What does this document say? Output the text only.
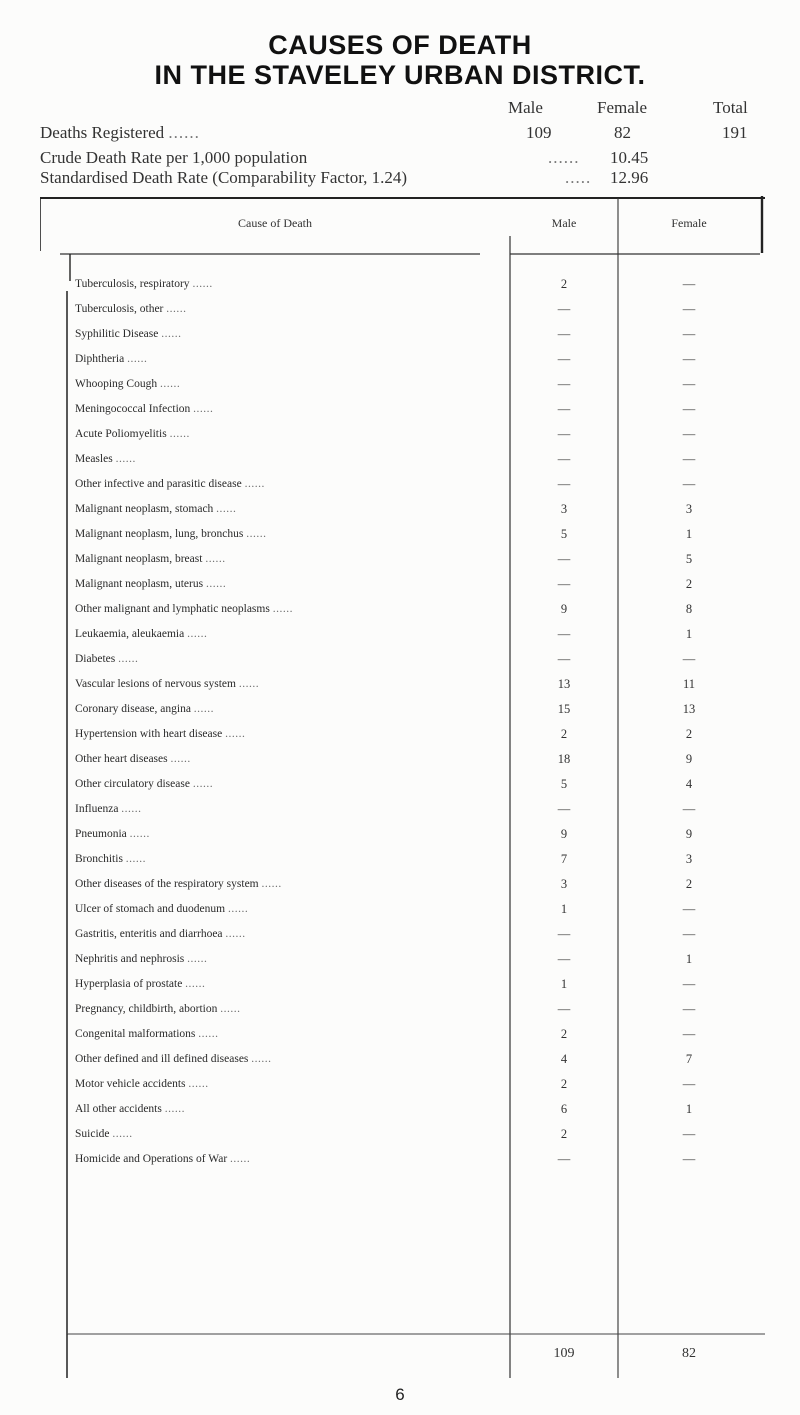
CAUSES OF DEATH
IN THE STAVELEY URBAN DISTRICT.
Male	Female	Total
Deaths Registered ......	109	82	191
Crude Death Rate per 1,000 population	...... 10.45
Standardised Death Rate (Comparability Factor, 1.24)	..... 12.96
Cause of Death	Male	Female
Tuberculosis, respiratory ......	2	—
Tuberculosis, other ......	—	—
Syphilitic Disease ......	—	—
Diphtheria ......	—	—
Whooping Cough ......	—	—
Meningococcal Infection ......	—	—
Acute Poliomyelitis ......	—	—
Measles ......	—	—
Other infective and parasitic disease ......	—	—
Malignant neoplasm, stomach ......	3	3
Malignant neoplasm, lung, bronchus ......	5	1
Malignant neoplasm, breast ......	—	5
Malignant neoplasm, uterus ......	—	2
Other malignant and lymphatic neoplasms ......	9	8
Leukaemia, aleukaemia ......	—	1
Diabetes ......	—	—
Vascular lesions of nervous system ......	13	11
Coronary disease, angina ......	15	13
Hypertension with heart disease ......	2	2
Other heart diseases ......	18	9
Other circulatory disease ......	5	4
Influenza ......	—	—
Pneumonia ......	9	9
Bronchitis ......	7	3
Other diseases of the respiratory system ......	3	2
Ulcer of stomach and duodenum ......	1	—
Gastritis, enteritis and diarrhoea ......	—	—
Nephritis and nephrosis ......	—	1
Hyperplasia of prostate ......	1	—
Pregnancy, childbirth, abortion ......	—	—
Congenital malformations ......	2	—
Other defined and ill defined diseases ......	4	7
Motor vehicle accidents ......	2	—
All other accidents ......	6	1
Suicide ......	2	—
Homicide and Operations of War ......	—	—
109	82
6
